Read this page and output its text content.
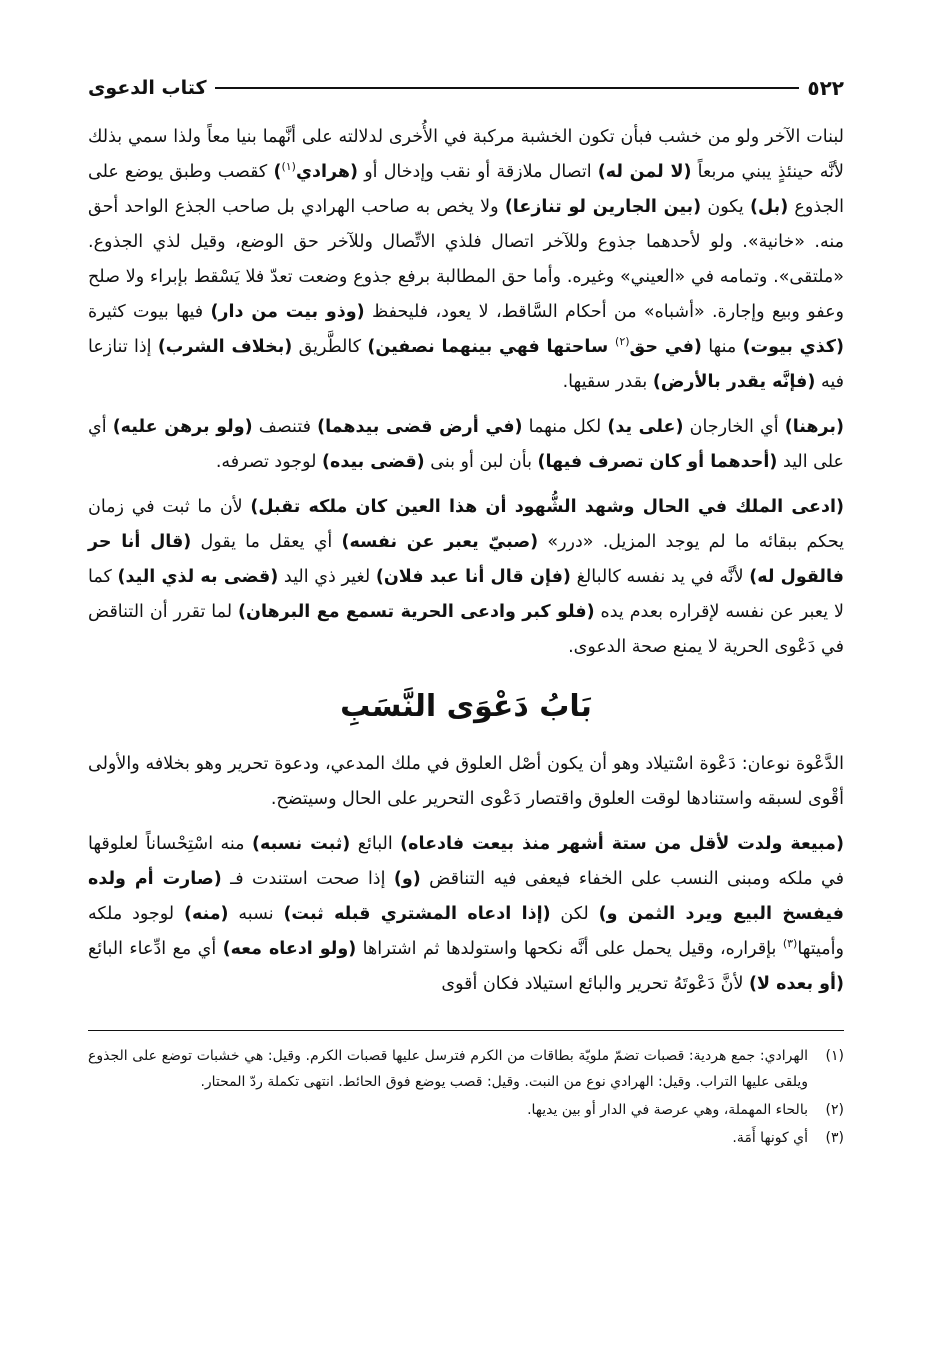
كتاب الدعوى	٥٢٢

لبنات الآخر ولو من خشب فبأن تكون الخشبة مركبة في الأُخرى لدلالته على أنَّهما بنيا معاً ولذا سمي بذلك لأنَّه حينئذٍ يبني مربعاً (لا لمن له) اتصال ملازقة أو نقب وإدخال أو (هرادي$^{(١)}$) كقصب وطبق يوضع على الجذوع (بل) يكون (بين الجارين لو تنازعا) ولا يخص به صاحب الهرادي بل صاحب الجذع الواحد أحق منه. «خانية». ولو لأحدهما جذوع وللآخر اتصال فلذي الاتِّصال وللآخر حق الوضع، وقيل لذي الجذوع. «ملتقى». وتمامه في «العيني» وغيره. وأما حق المطالبة برفع جذوع وضعت تعدّ فلا يَسْقط بإبراء ولا صلح وعفو وبيع وإجارة. «أشباه» من أحكام السَّاقط، لا يعود، فليحفظ (وذو بيت من دار) فيها بيوت كثيرة (كذي بيوت) منها (في حق$^{(٢)}$ ساحتها فهي بينهما نصفين) كالطَّريق (بخلاف الشرب) إذا تنازعا فيه (فإنَّه يقدر بالأرض) بقدر سقيها.

(برهنا) أي الخارجان (على يد) لكل منهما (في أرض قضى بيدهما) فتنصف (ولو برهن عليه) أي على اليد (أحدهما أو كان تصرف فيها) بأن لبن أو بنى (قضى بيده) لوجود تصرفه.

(ادعى الملك في الحال وشهد الشُّهود أن هذا العين كان ملكه تقبل) لأن ما ثبت في زمان يحكم ببقائه ما لم يوجد المزيل. «درر» (صبيّ يعبر عن نفسه) أي يعقل ما يقول (قال أنا حر فالقول له) لأنَّه في يد نفسه كالبالغ (فإن قال أنا عبد فلان) لغير ذي اليد (قضى به لذي اليد) كما لا يعبر عن نفسه لإقراره بعدم يده (فلو كبر وادعى الحرية تسمع مع البرهان) لما تقرر أن التناقض في دَعْوى الحرية لا يمنع صحة الدعوى.

بَابُ دَعْوَى النَّسَبِ

الدَّعْوة نوعان: دَعْوة اسْتيلاد وهو أن يكون أصْل العلوق في ملك المدعي، ودعوة تحرير وهو بخلافه والأولى أقْوى لسبقه واستنادها لوقت العلوق واقتصار دَعْوى التحرير على الحال وسيتضح.

(مبيعة ولدت لأقل من ستة أشهر منذ بيعت فادعاه) البائع (ثبت نسبه) منه اسْتِحْساناً لعلوقها في ملكه ومبنى النسب على الخفاء فيعفى فيه التناقض (و) إذا صحت استندت فـ (صارت أم ولده فيفسخ البيع ويرد الثمن و) لكن (إذا ادعاه المشتري قبله ثبت) نسبه (منه) لوجود ملكه وأميتها$^{(٣)}$ بإقراره، وقيل يحمل على أنَّه نكحها واستولدها ثم اشتراها (ولو ادعاه معه) أي مع ادِّعاء البائع (أو بعده لا) لأنَّ دَعْوتَهُ تحرير والبائع استيلاد فكان أقوى

(١)
الهرادي: جمع هردية: قصبات تضمّ ملويّة بطاقات من الكرم فترسل عليها قصبات الكرم. وقيل: هي خشبات توضع على الجذوع ويلقى عليها التراب. وقيل: الهرادي نوع من النبت. وقيل: قصب يوضع فوق الحائط. انتهى تكملة ردّ المحتار.
(٢)
بالحاء المهملة، وهي عرصة في الدار أو بين يديها.
(٣)
أي كونها أَمَة.
